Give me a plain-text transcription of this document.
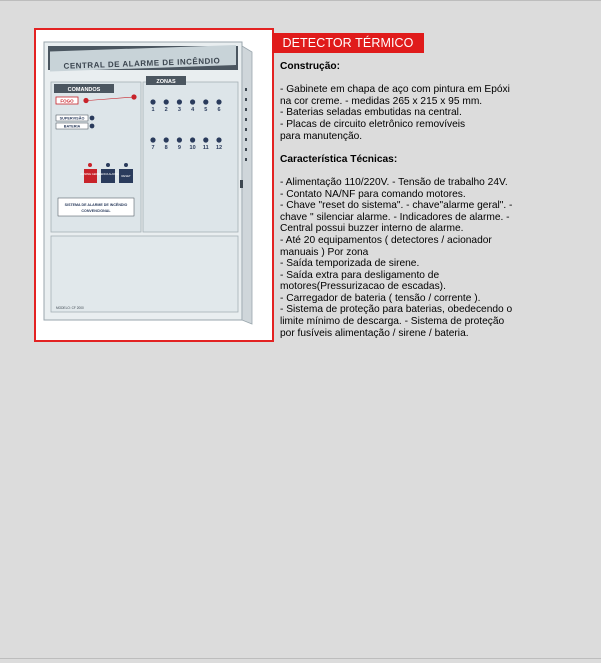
CENTRAL DE ALARME DE INCÊNDIO
COMANDOS
FOGO
SUPERVISÃO
BATERIA
ALARME GERAL
SILENCIA ALARME RESET
SISTEMA DE ALARME DE INCÊNDIO
CONVENCIONAL
ZONAS
1 2 3 4 5 6
7 8 9 10 11 12
MODELO: CF 2000
DETECTOR TÉRMICO
Construção:
- Gabinete em chapa de aço com pintura em Epóxi
na cor creme. - medidas 265 x 215 x 95 mm.
- Baterias seladas embutidas na central.
- Placas de circuito eletrônico removíveis
para manutenção.
Característica Técnicas:
- Alimentação 110/220V. - Tensão de trabalho 24V.
- Contato NA/NF para comando motores.
- Chave "reset do sistema". - chave"alarme geral". -
chave " silenciar alarme. - Indicadores de alarme. -
Central possui buzzer interno de alarme.
- Até 20 equipamentos ( detectores / acionador
manuais ) Por zona
- Saída temporizada de sirene.
- Saída extra para desligamento de
motores(Pressurizacao de escadas).
- Carregador de bateria ( tensão / corrente ).
- Sistema de proteção para baterias, obedecendo o
limite mínimo de descarga. - Sistema de proteção
por fusíveis alimentação / sirene / bateria.
